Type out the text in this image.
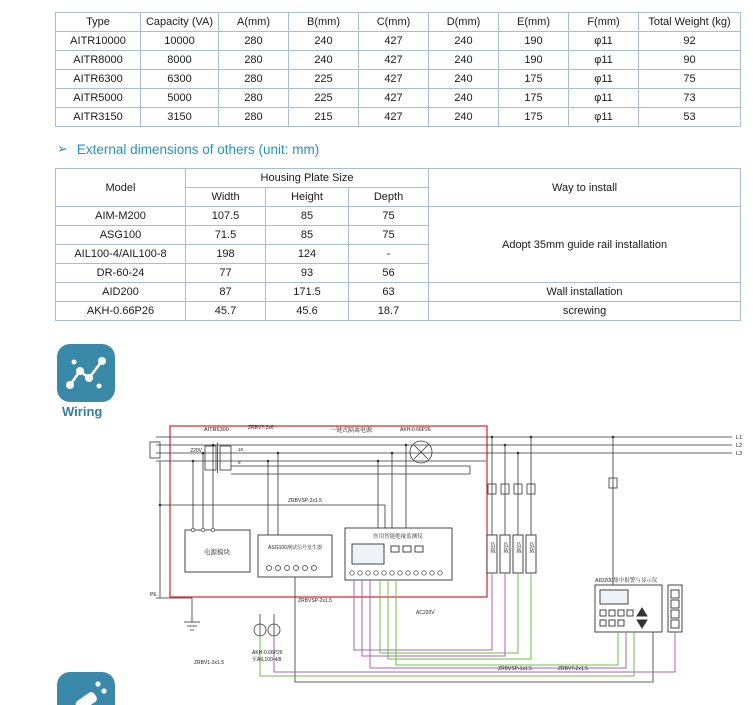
Type	Capacity (VA)	A(mm)	B(mm)	C(mm)	D(mm)	E(mm)	F(mm)	Total Weight (kg)
AITR10000	10000	280	240	427	240	190	φ11	92
AITR8000	8000	280	240	427	240	190	φ11	90
AITR6300	6300	280	225	427	240	175	φ11	75
AITR5000	5000	280	225	427	240	175	φ11	73
AITR3150	3150	280	215	427	240	175	φ11	53
➢ External dimensions of others (unit: mm)
Model	Housing Plate Size			Way to install
	Width	Height	Depth	
AIM-M200	107.5	85	75	Adopt 35mm guide rail installation
ASG100	71.5	85	75	
AIL100-4/AIL100-8	198	124	-	
DR-60-24	77	93	56	
AID200	87	171.5	63	Wall installation
AKH-0.66P26	45.7	45.6	18.7	screwing
Wiring
AITR6300	ZRBVT-3x6
220V	10
9
一键式隔离电源	AKH-0.66P26
L1
L2
L3
PE
电源模块
ASG100测试信号发生器
医用智能绝缘监测仪
负载 负载 负载 负载
AID200集中报警与显示仪
AC220V
ZRBVSP-2x1.5
ZRBVSP-2x1.5
ZRBV1-2x1.5
AKH-0.66P26
至AIL100-4/8
ZRBVSP-1x1.5	ZRBVT-2x1.5
